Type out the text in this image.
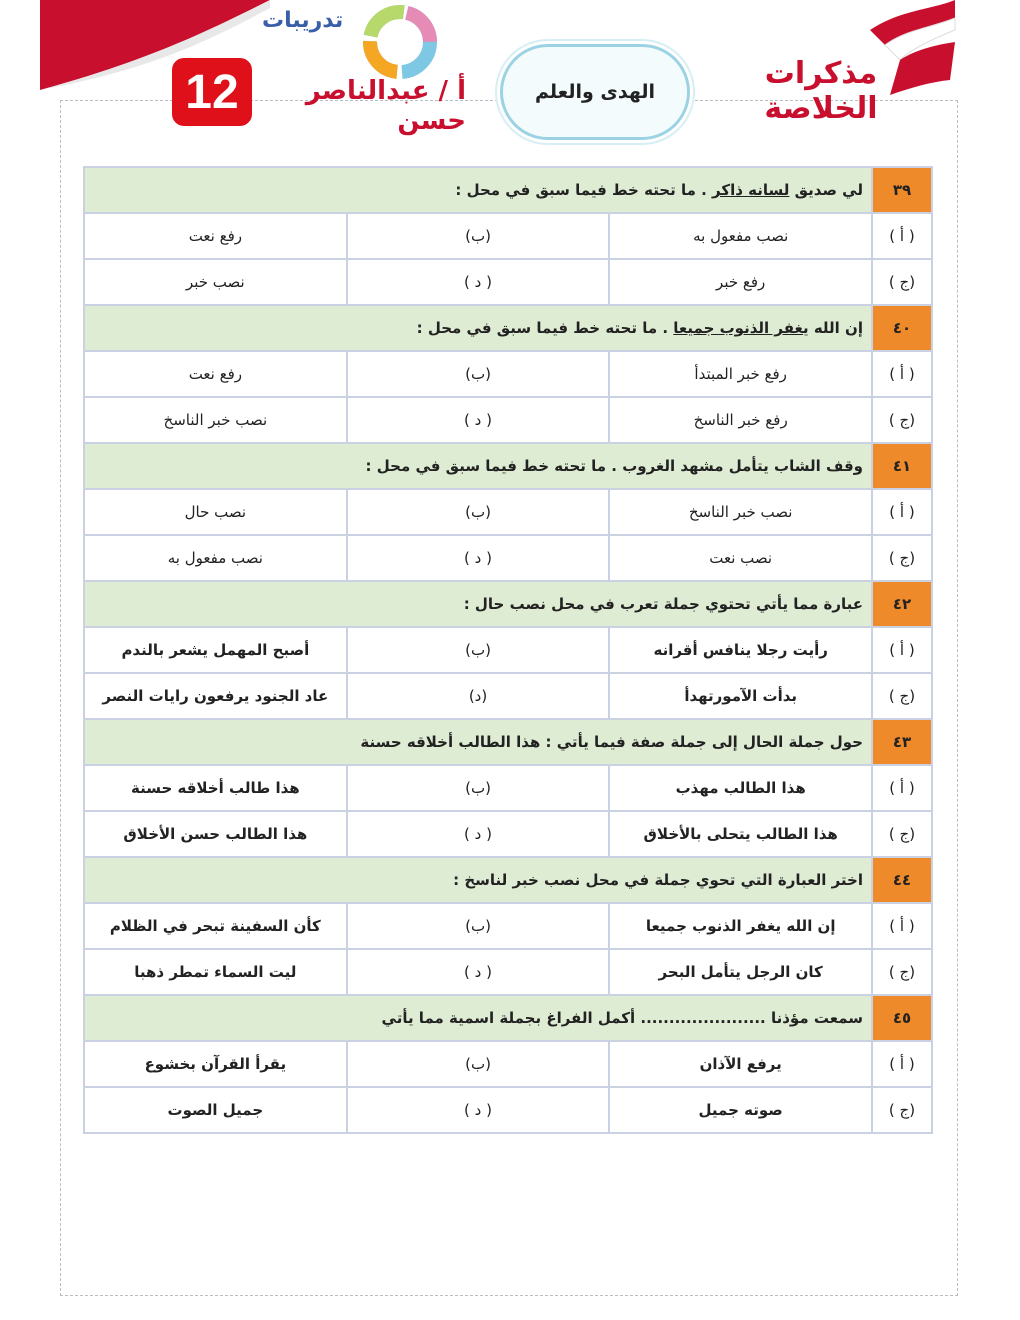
تدريبات
12	أ / عبدالناصر حسن
الهدى والعلم
مذكرات الخلاصة
٣٩	لي صديق لسانه ذاكر . ما تحته خط فيما سبق في محل :		
( أ )	نصب مفعول به	(ب)	رفع نعت
(ج )	رفع خبر	( د )	نصب خبر
٤٠	إن الله يغفر الذنوب جميعا . ما تحته خط فيما سبق في محل :		
( أ )	رفع خبر المبتدأ	(ب)	رفع نعت
(ج )	رفع خبر الناسخ	( د )	نصب خبر الناسخ
٤١	وقف الشاب يتأمل مشهد الغروب . ما تحته خط فيما سبق في محل :		
( أ )	نصب خبر الناسخ	(ب)	نصب حال
(ج )	نصب نعت	( د )	نصب مفعول به
٤٢	عبارة مما يأتي تحتوي جملة تعرب في محل نصب حال :		
( أ )	رأيت رجلا ينافس أقرانه	(ب)	أصبح المهمل يشعر بالندم
(ج )	بدأت الآمورتهدأ	(د)	عاد الجنود يرفعون رايات النصر
٤٣	حول جملة الحال إلى جملة صفة فيما يأتي : هذا الطالب أخلاقه حسنة		
( أ )	هذا الطالب مهذب	(ب)	هذا طالب أخلاقه حسنة
(ج )	هذا الطالب يتحلى بالأخلاق	( د )	هذا الطالب حسن الأخلاق
٤٤	اختر العبارة التي تحوي جملة في محل نصب خبر لناسخ :		
( أ )	إن الله يغفر الذنوب جميعا	(ب)	كأن السفينة تبحر في الظلام
(ج )	كان الرجل يتأمل البحر	( د )	ليت السماء تمطر ذهبا
٤٥	سمعت مؤذنا ...................... أكمل الفراغ بجملة اسمية مما يأتي		
( أ )	يرفع الآذان	(ب)	يقرأ القرآن بخشوع
(ج )	صوته جميل	( د )	جميل الصوت
